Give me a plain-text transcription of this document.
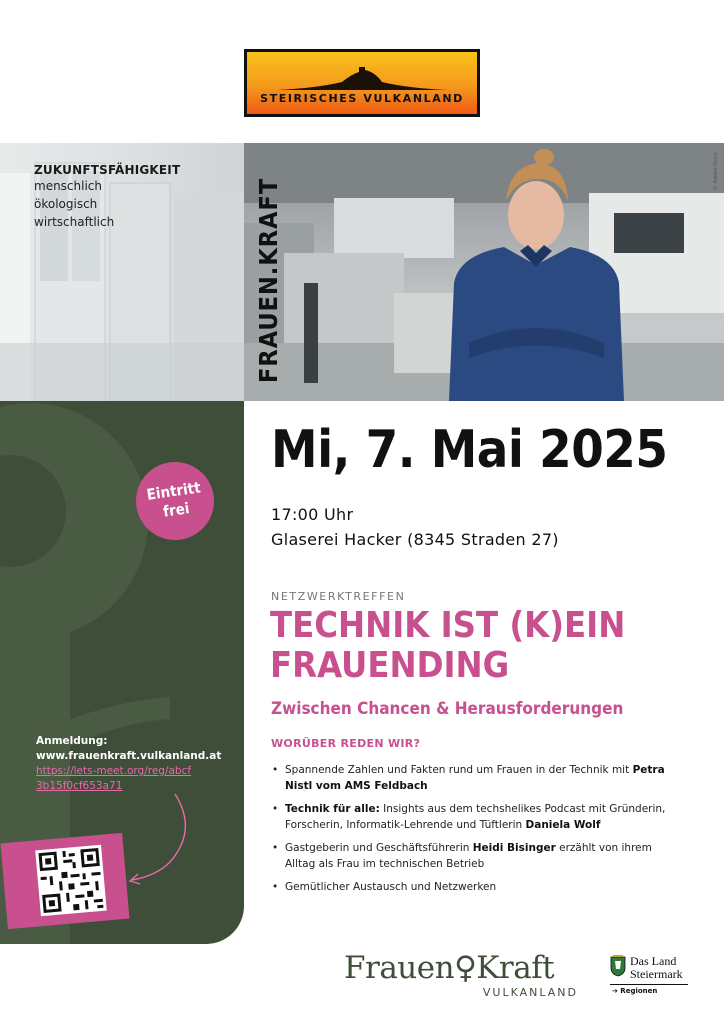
STEIRISCHES VULKANLAND
ZUKUNFTSFÄHIGKEIT
menschlich
ökologisch
wirtschaftlich	FRAUEN.KRAFT
© Adobe Stock
Eintritt
frei
Anmeldung:
www.frauenkraft.vulkanland.at
https://lets-meet.org/reg/abcf
3b15f0cf653a71
Mi, 7. Mai 2025
17:00 Uhr
Glaserei Hacker (8345 Straden 27)
NETZWERKTREFFEN
TECHNIK IST (K)EIN
FRAUENDING
Zwischen Chancen & Herausforderungen
WORÜBER REDEN WIR?
• Spannende Zahlen und Fakten rund um Frauen in der Technik mit Petra Nistl vom AMS Feldbach
• Technik für alle: Insights aus dem techshelikes Podcast mit Gründerin, Forscherin, Informatik-Lehrende und Tüftlerin Daniela Wolf
• Gastgeberin und Geschäftsführerin Heidi Bisinger erzählt von ihrem Alltag als Frau im technischen Betrieb
• Gemütlicher Austausch und Netzwerken
Frauen♀Kraft
VULKANLAND
Das Land
Steiermark
➔ Regionen
